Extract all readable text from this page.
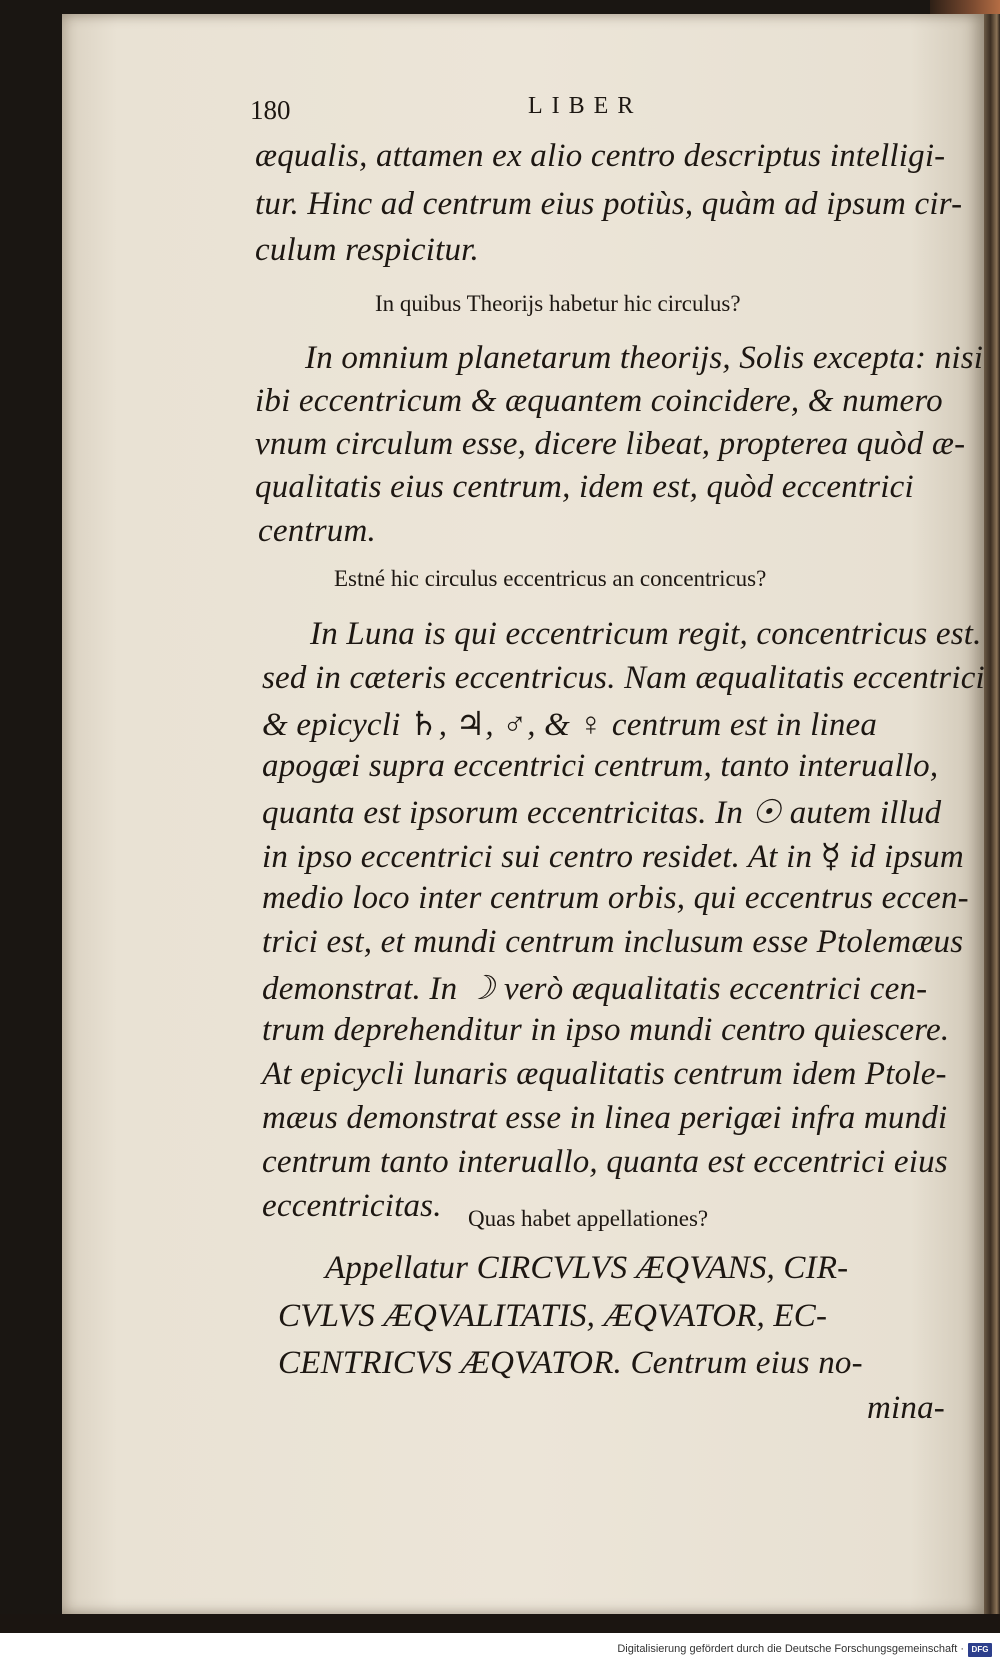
180	LIBER
æqualis, attamen ex alio centro descriptus intelligi-
tur. Hinc ad centrum eius potiùs, quàm ad ipsum cir-
culum respicitur.
In quibus Theorijs habetur hic circulus?
In omnium planetarum theorijs, Solis excepta: nisi
ibi eccentricum & æquantem coincidere, & numero
vnum circulum esse, dicere libeat, propterea quòd æ-
qualitatis eius centrum, idem est, quòd eccentrici
centrum.
Estné hic circulus eccentricus an concentricus?
In Luna is qui eccentricum regit, concentricus est.
sed in cæteris eccentricus. Nam æqualitatis eccentrici
& epicycli ♄, ♃, ♂, & ♀ centrum est in linea
apogæi supra eccentrici centrum, tanto interuallo,
quanta est ipsorum eccentricitas. In ☉ autem illud
in ipso eccentrici sui centro residet. At in ☿ id ipsum
medio loco inter centrum orbis, qui eccentrus eccen-
trici est, et mundi centrum inclusum esse Ptolemæus
demonstrat. In ☽ verò æqualitatis eccentrici cen-
trum deprehenditur in ipso mundi centro quiescere.
At epicycli lunaris æqualitatis centrum idem Ptole-
mæus demonstrat esse in linea perigæi infra mundi
centrum tanto interuallo, quanta est eccentrici eius
eccentricitas. Quas habet appellationes?
Appellatur CIRCVLVS ÆQVANS, CIR-
CVLVS ÆQVALITATIS, ÆQVATOR, EC-
CENTRICVS ÆQVATOR. Centrum eius no-
mina-
Digitalisierung gefördert durch die Deutsche Forschungsgemeinschaft · DFG
